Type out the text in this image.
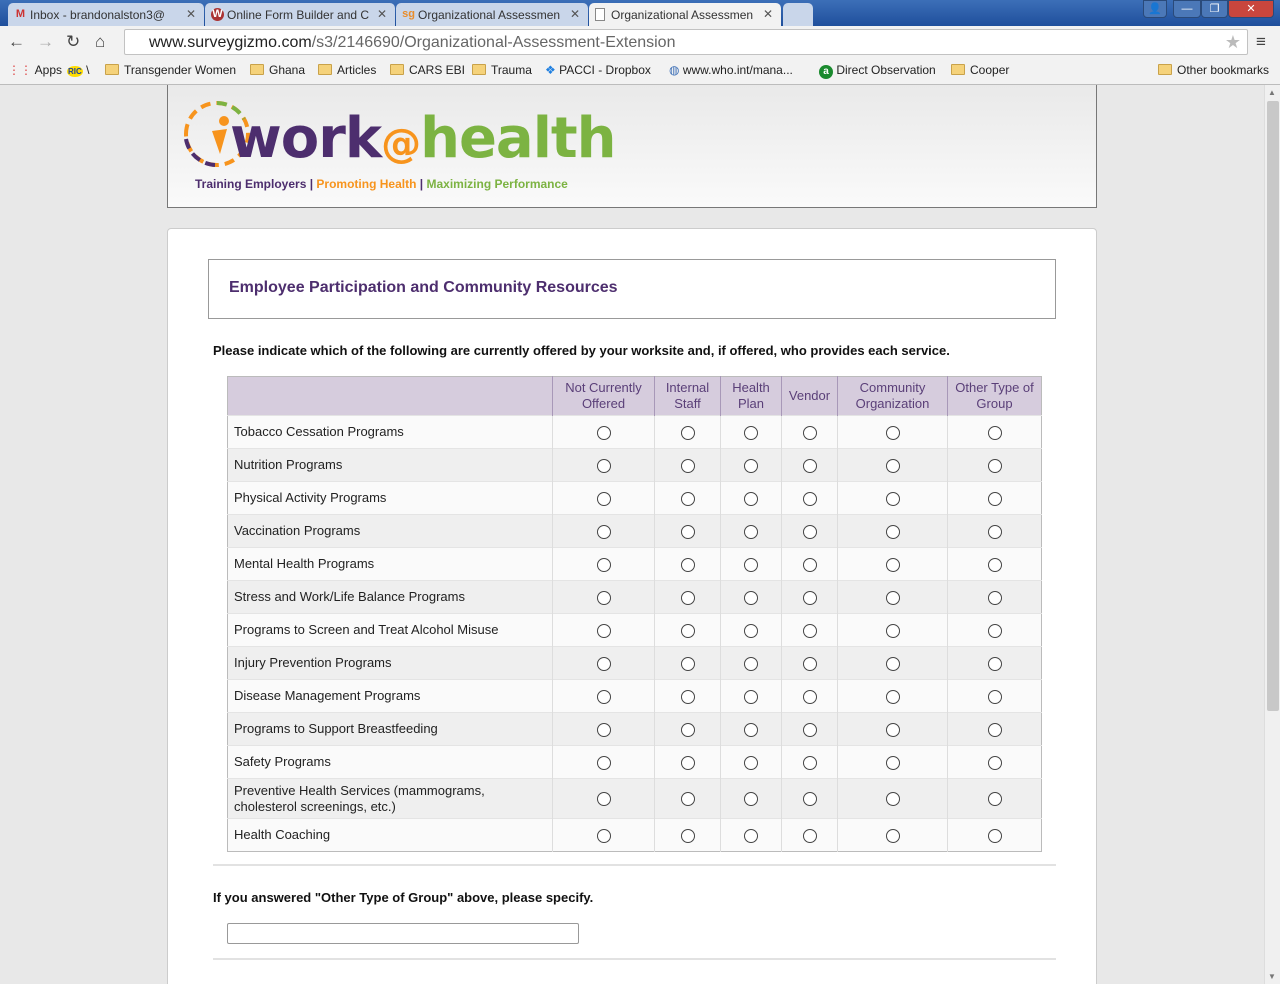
M Inbox - brandonalston3@ ✕ W Online Form Builder and C ✕ sg Organizational Assessmen ✕	Organizational Assessmen ✕	👤	—	❐	✕
← → ↻ ⌂	www.surveygizmo.com/s3/2146690/Organizational-Assessment-Extension	★ ≡
⋮⋮ Apps RIC \	Transgender Women	Ghana	Articles	CARS EBI	Trauma ❖ PACCI - Dropbox ◍ www.who.int/mana...	a Direct Observation	Cooper	Other bookmarks
work@health
Training Employers | Promoting Health | Maximizing Performance
Employee Participation and Community Resources
Please indicate which of the following are currently offered by your worksite and, if offered, who provides each service.
	Not Currently Offered	Internal Staff	Health Plan	Vendor	Community Organization	Other Type of Group
Tobacco Cessation Programs						
Nutrition Programs						
Physical Activity Programs						
Vaccination Programs						
Mental Health Programs						
Stress and Work/Life Balance Programs						
Programs to Screen and Treat Alcohol Misuse						
Injury Prevention Programs						
Disease Management Programs						
Programs to Support Breastfeeding						
Safety Programs						
Preventive Health Services (mammograms, cholesterol screenings, etc.)						
Health Coaching						
If you answered "Other Type of Group" above, please specify.
▲
▼
